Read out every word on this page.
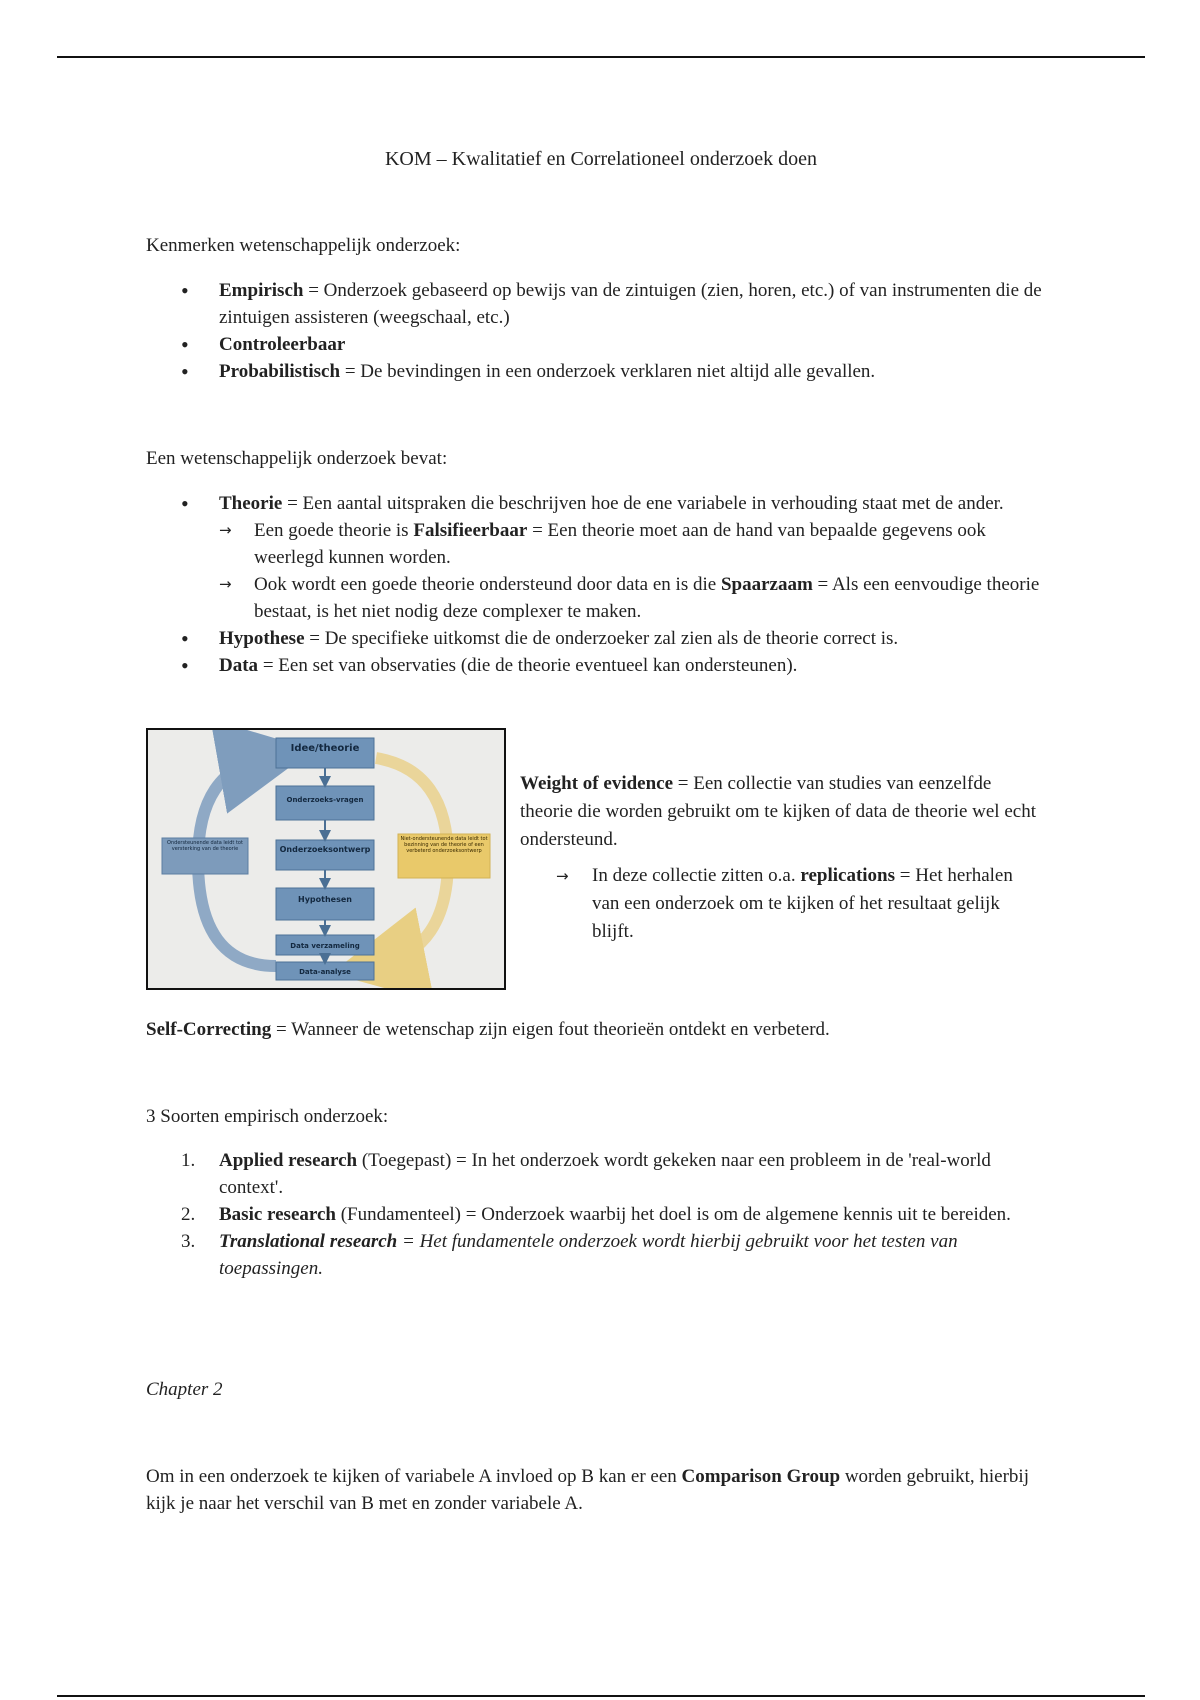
KOM – Kwalitatief en Correlationeel onderzoek doen

Kenmerken wetenschappelijk onderzoek:

• Empirisch = Onderzoek gebaseerd op bewijs van de zintuigen (zien, horen, etc.) of van instrumenten die de zintuigen assisteren (weegschaal, etc.)
• Controleerbaar
• Probabilistisch = De bevindingen in een onderzoek verklaren niet altijd alle gevallen.

Een wetenschappelijk onderzoek bevat:

• Theorie = Een aantal uitspraken die beschrijven hoe de ene variabele in verhouding staat met de ander.
→ Een goede theorie is Falsifieerbaar = Een theorie moet aan de hand van bepaalde gegevens ook weerlegd kunnen worden.
→ Ook wordt een goede theorie ondersteund door data en is die Spaarzaam = Als een eenvoudige theorie bestaat, is het niet nodig deze complexer te maken.
• Hypothese = De specifieke uitkomst die de onderzoeker zal zien als de theorie correct is.
• Data = Een set van observaties (die de theorie eventueel kan ondersteunen).

Self-Correcting = Wanneer de wetenschap zijn eigen fout theorieën ontdekt en verbeterd.

3 Soorten empirisch onderzoek:

1. Applied research (Toegepast) = In het onderzoek wordt gekeken naar een probleem in de 'real-world context'.
2. Basic research (Fundamenteel) = Onderzoek waarbij het doel is om de algemene kennis uit te bereiden.
3. Translational research = Het fundamentele onderzoek wordt hierbij gebruikt voor het testen van toepassingen.

Chapter 2

Om in een onderzoek te kijken of variabele A invloed op B kan er een Comparison Group worden gebruikt, hierbij kijk je naar het verschil van B met en zonder variabele A.

Idee/theorie
Onderzoeks-vragen
Onderzoeksontwerp
Hypothesen
Data verzameling
Data-analyse
Ondersteunende data leidt tot versterking van de theorie
Niet-ondersteunende data leidt tot bezinning van de theorie of een verbeterd onderzoeksontwerp
Weight of evidence = Een collectie van studies van eenzelfde theorie die worden gebruikt om te kijken of data de theorie wel echt ondersteund.
→ In deze collectie zitten o.a. replications = Het herhalen van een onderzoek om te kijken of het resultaat gelijk blijft.
